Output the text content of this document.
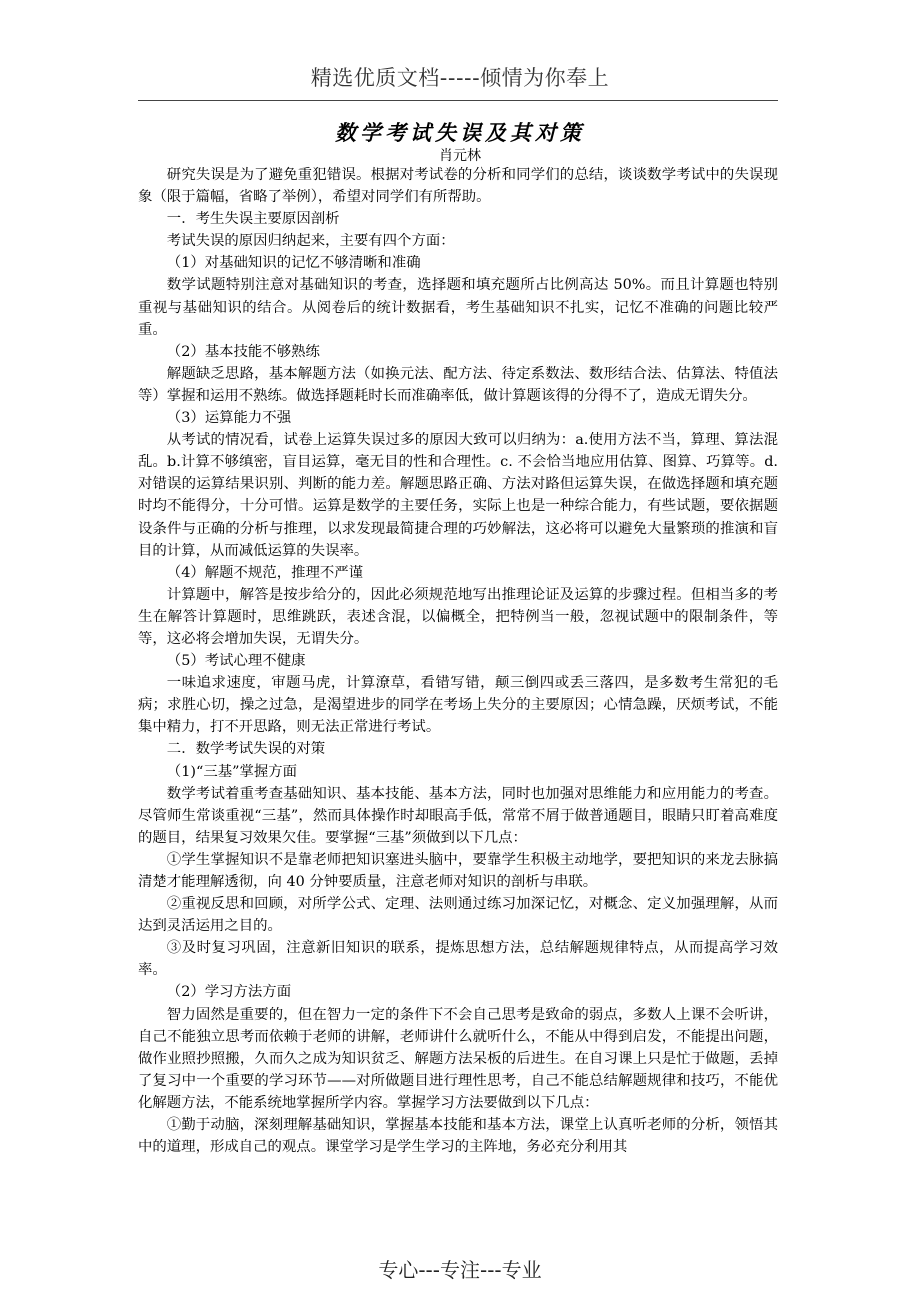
精选优质文档-----倾情为你奉上
数学考试失误及其对策
肖元林

研究失误是为了避免重犯错误。根据对考试卷的分析和同学们的总结，谈谈数学考试中的失误现象（限于篇幅，省略了举例），希望对同学们有所帮助。

一．考生失误主要原因剖析

考试失误的原因归纳起来，主要有四个方面：

（1）对基础知识的记忆不够清晰和准确

数学试题特别注意对基础知识的考查，选择题和填充题所占比例高达 50%。而且计算题也特别重视与基础知识的结合。从阅卷后的统计数据看，考生基础知识不扎实，记忆不准确的问题比较严重。

（2）基本技能不够熟练

解题缺乏思路，基本解题方法（如换元法、配方法、待定系数法、数形结合法、估算法、特值法等）掌握和运用不熟练。做选择题耗时长而准确率低，做计算题该得的分得不了，造成无谓失分。

（3）运算能力不强

从考试的情况看，试卷上运算失误过多的原因大致可以归纳为：a.使用方法不当，算理、算法混乱。b.计算不够缜密，盲目运算，毫无目的性和合理性。c. 不会恰当地应用估算、图算、巧算等。d.对错误的运算结果识别、判断的能力差。解题思路正确、方法对路但运算失误，在做选择题和填充题时均不能得分，十分可惜。运算是数学的主要任务，实际上也是一种综合能力，有些试题，要依据题设条件与正确的分析与推理，以求发现最简捷合理的巧妙解法，这必将可以避免大量繁琐的推演和盲目的计算，从而减低运算的失误率。

（4）解题不规范，推理不严谨

计算题中，解答是按步给分的，因此必须规范地写出推理论证及运算的步骤过程。但相当多的考生在解答计算题时，思维跳跃，表述含混，以偏概全，把特例当一般，忽视试题中的限制条件，等等，这必将会增加失误，无谓失分。

（5）考试心理不健康

一味追求速度，审题马虎，计算潦草，看错写错，颠三倒四或丢三落四，是多数考生常犯的毛病；求胜心切，操之过急，是渴望进步的同学在考场上失分的主要原因；心情急躁，厌烦考试，不能集中精力，打不开思路，则无法正常进行考试。

二．数学考试失误的对策

（1)“三基”掌握方面

数学考试着重考查基础知识、基本技能、基本方法，同时也加强对思维能力和应用能力的考查。尽管师生常谈重视“三基”，然而具体操作时却眼高手低，常常不屑于做普通题目，眼睛只盯着高难度的题目，结果复习效果欠佳。要掌握“三基”须做到以下几点：

①学生掌握知识不是靠老师把知识塞进头脑中，要靠学生积极主动地学，要把知识的来龙去脉搞清楚才能理解透彻，向 40 分钟要质量，注意老师对知识的剖析与串联。

②重视反思和回顾，对所学公式、定理、法则通过练习加深记忆，对概念、定义加强理解，从而达到灵活运用之目的。

③及时复习巩固，注意新旧知识的联系，提炼思想方法，总结解题规律特点，从而提高学习效率。

（2）学习方法方面

智力固然是重要的，但在智力一定的条件下不会自己思考是致命的弱点，多数人上课不会听讲，自己不能独立思考而依赖于老师的讲解，老师讲什么就听什么，不能从中得到启发，不能提出问题，做作业照抄照搬，久而久之成为知识贫乏、解题方法呆板的后进生。在自习课上只是忙于做题，丢掉了复习中一个重要的学习环节——对所做题目进行理性思考，自己不能总结解题规律和技巧，不能优化解题方法，不能系统地掌握所学内容。掌握学习方法要做到以下几点：

①勤于动脑，深刻理解基础知识，掌握基本技能和基本方法，课堂上认真听老师的分析，领悟其中的道理，形成自己的观点。课堂学习是学生学习的主阵地，务必充分利用其

专心---专注---专业
